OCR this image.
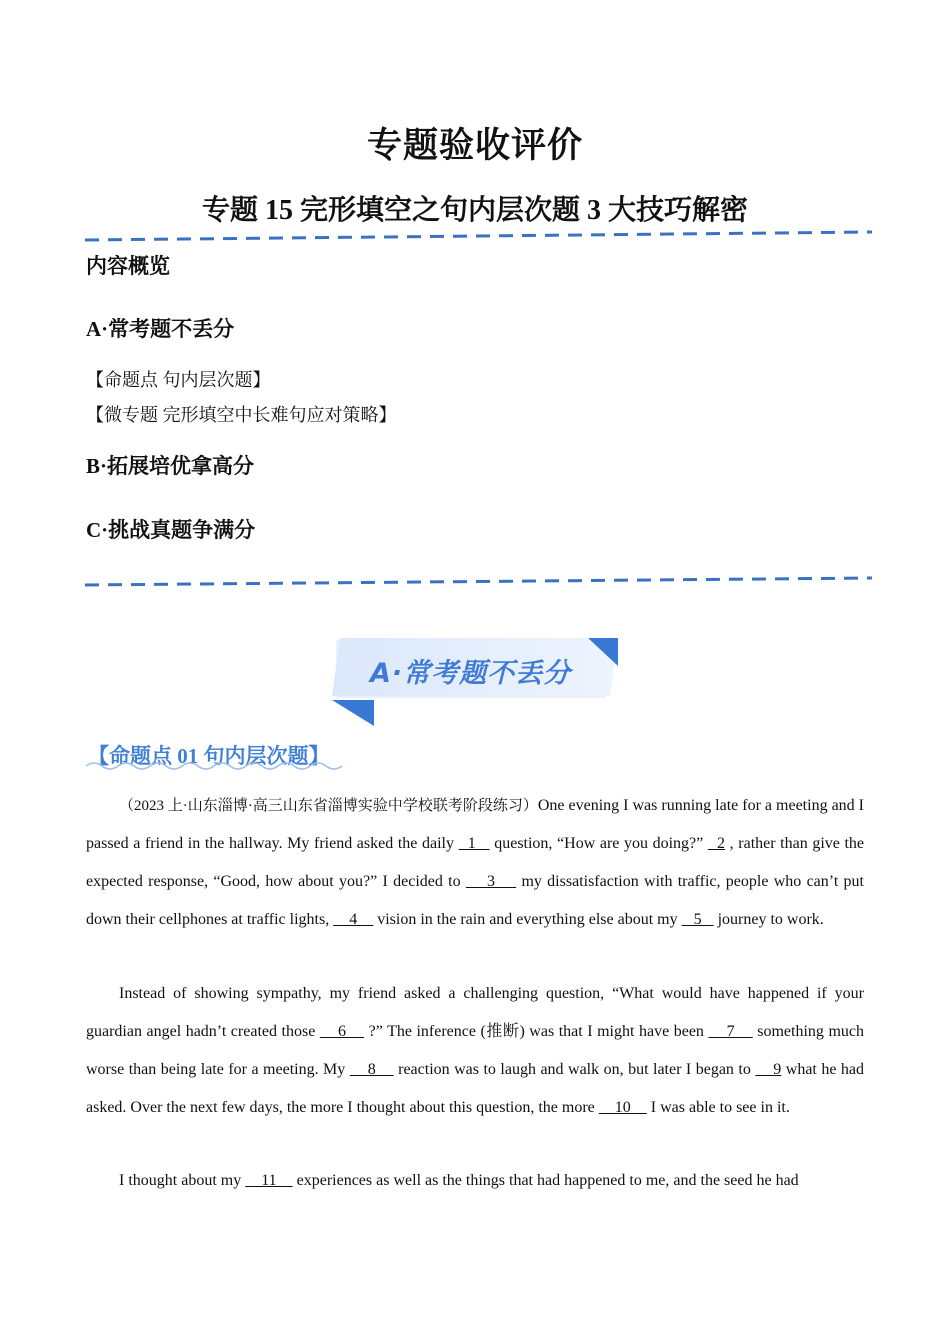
专题验收评价
专题 15 完形填空之句内层次题 3 大技巧解密
内容概览
A·常考题不丢分
【命题点 句内层次题】
【微专题 完形填空中长难句应对策略】
B·拓展培优拿高分
C·挑战真题争满分
A·常考题不丢分
【命题点 01 句内层次题】
（2023 上·山东淄博·高三山东省淄博实验中学校联考阶段练习）One evening I was running late for a meeting and I passed a friend in the hallway. My friend asked the daily   1    question, “How are you doing?”   2 , rather than give the expected response, “Good, how about you?” I decided to     3     my dissatisfaction with traffic, people who can’t put down their cellphones at traffic lights,     4     vision in the rain and everything else about my    5    journey to work.
Instead of showing sympathy, my friend asked a challenging question, “What would have happened if your guardian angel hadn’t created those     6     ?” The inference (推断) was that I might have been     7     something much worse than being late for a meeting. My     8     reaction was to laugh and walk on, but later I began to     9 what he had asked. Over the next few days, the more I thought about this question, the more     10     I was able to see in it.
I thought about my     11     experiences as well as the things that had happened to me, and the seed he had
